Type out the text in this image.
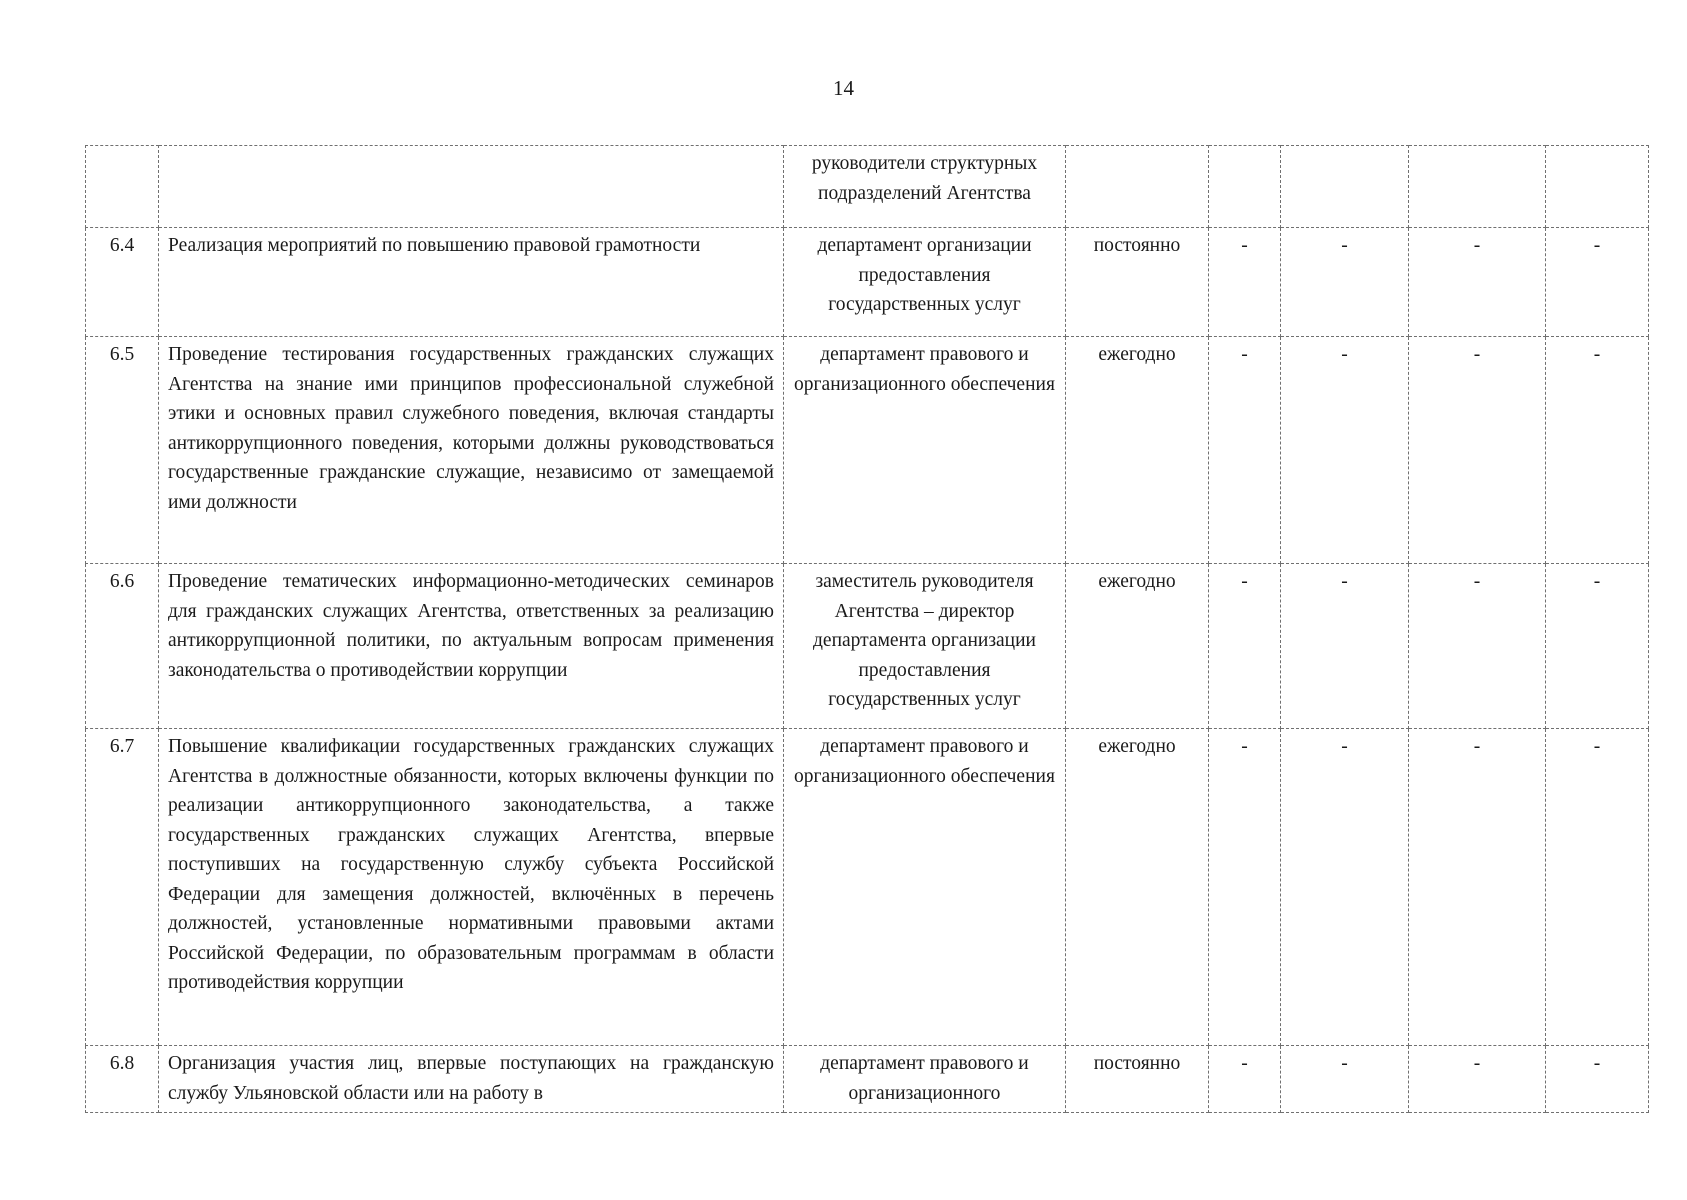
14
		руководители структурных подразделений Агентства					
6.4	Реализация мероприятий по повышению правовой грамотности	департамент организации предоставления государственных услуг	постоянно	-	-	-	-
6.5	Проведение тестирования государственных гражданских служащих Агентства на знание ими принципов профессиональной служебной этики и основных правил служебного поведения, включая стандарты антикоррупционного поведения, которыми должны руководствоваться государственные гражданские служащие, независимо от замещаемой ими должности	департамент правового и организационного обеспечения	ежегодно	-	-	-	-
6.6	Проведение тематических информационно-методических семинаров для гражданских служащих Агентства, ответственных за реализацию антикоррупционной политики, по актуальным вопросам применения законодательства о противодействии коррупции	заместитель руководителя Агентства – директор департамента организации предоставления государственных услуг	ежегодно	-	-	-	-
6.7	Повышение квалификации государственных гражданских служащих Агентства в должностные обязанности, которых включены функции по реализации антикоррупционного законодательства, а также государственных гражданских служащих Агентства, впервые поступивших на государственную службу субъекта Российской Федерации для замещения должностей, включённых в перечень должностей, установленные нормативными правовыми актами Российской Федерации, по образовательным программам в области противодействия коррупции	департамент правового и организационного обеспечения	ежегодно	-	-	-	-
6.8	Организация участия лиц, впервые поступающих на гражданскую службу Ульяновской области или на работу в	департамент правового и организационного	постоянно	-	-	-	-
